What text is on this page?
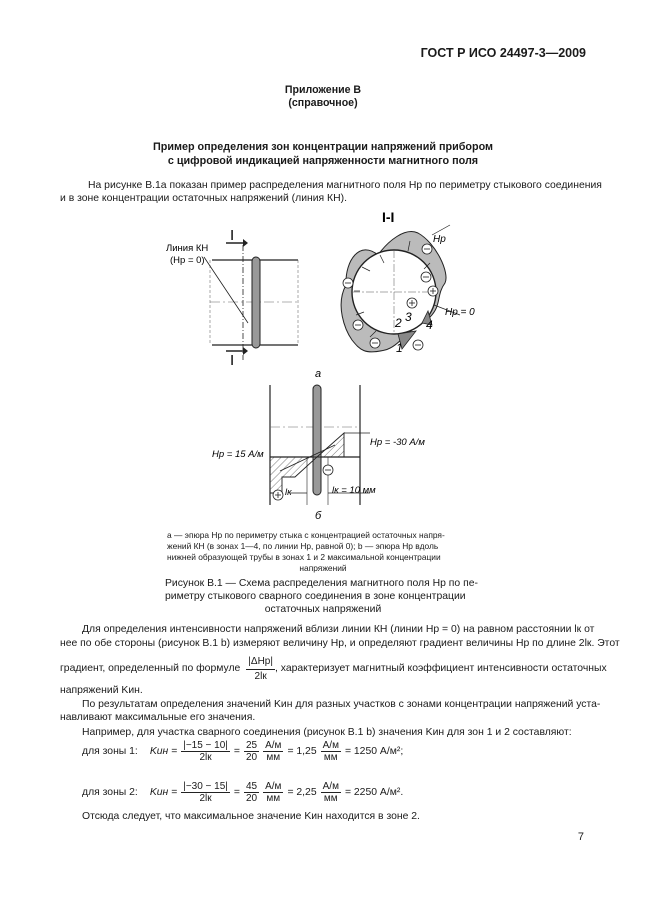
ГОСТ Р ИСО 24497-3—2009
Приложение В
(справочное)
Пример определения зон концентрации напряжений прибором
с цифровой индикацией напряженности магнитного поля
На рисунке В.1а показан пример распределения магнитного поля Hр по периметру стыкового соединения
и в зоне концентрации остаточных напряжений (линия КН).
I
I
Линия КН
(Hр = 0)
I-I
Hр
Hр = 0
1
2 3
4
а
Hр = -30 А/м
Hр = 15 А/м
lк	lк = 10 мм
б
а — эпюра Hр по периметру стыка с концентрацией остаточных напря-
жений КН (в зонах 1—4, по линии Hр, равной 0); b — эпюра Hр вдоль
нижней образующей трубы в зонах 1 и 2 максимальной концентрации
напряжений
Рисунок В.1 — Схема распределения магнитного поля Hр по пе-
риметру стыкового сварного соединения в зоне концентрации
остаточных напряжений
Для определения интенсивности напряжений вблизи линии КН (линии Hр = 0) на равном расстоянии lк от
нее по обе стороны (рисунок В.1 b) измеряют величину Hр, и определяют градиент величины Hр по длине 2lк. Этот
градиент, определенный по формуле $\frac{\text{|ΔHр|}}{2lк}$ , характеризует магнитный коэффициент интенсивности остаточных
напряжений Kин.
По результатам определения значений Kин для разных участков с зонами концентрации напряжений уста-
навливают максимальные его значения.
Например, для участка сварного соединения (рисунок В.1 b) значения Kин для зон 1 и 2 составляют:
для зоны 1: Kин = $\frac{|-15 - 10|}{2lк} = \frac{25}{20} \frac{А/м}{мм} = 1,25 \frac{А/м}{мм} = 1250$ А/м²;
для зоны 2: Kин = $\frac{|-30 - 15|}{2lк} = \frac{45}{20} \frac{А/м}{мм} = 2,25 \frac{А/м}{мм} = 2250$ А/м².
Отсюда следует, что максимальное значение Kин находится в зоне 2.
7
